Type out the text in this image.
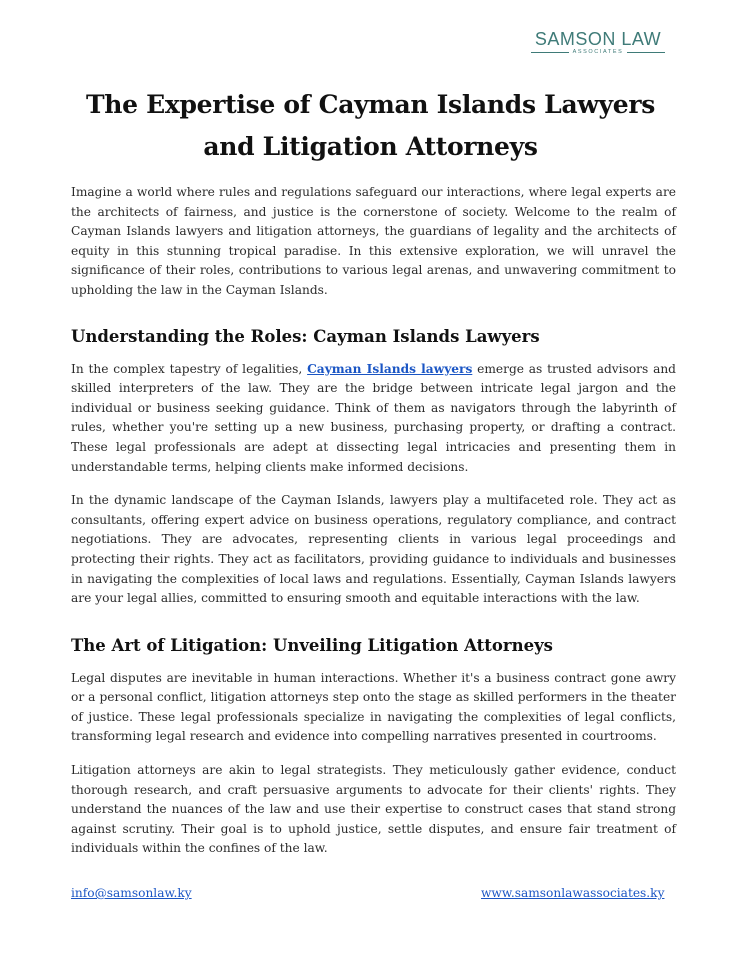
SAMSON LAW
ASSOCIATES
The Expertise of Cayman Islands Lawyers and Litigation Attorneys

Imagine a world where rules and regulations safeguard our interactions, where legal experts are the architects of fairness, and justice is the cornerstone of society. Welcome to the realm of Cayman Islands lawyers and litigation attorneys, the guardians of legality and the architects of equity in this stunning tropical paradise. In this extensive exploration, we will unravel the significance of their roles, contributions to various legal arenas, and unwavering commitment to upholding the law in the Cayman Islands.

Understanding the Roles: Cayman Islands Lawyers

In the complex tapestry of legalities, Cayman Islands lawyers emerge as trusted advisors and skilled interpreters of the law. They are the bridge between intricate legal jargon and the individual or business seeking guidance. Think of them as navigators through the labyrinth of rules, whether you're setting up a new business, purchasing property, or drafting a contract. These legal professionals are adept at dissecting legal intricacies and presenting them in understandable terms, helping clients make informed decisions.

In the dynamic landscape of the Cayman Islands, lawyers play a multifaceted role. They act as consultants, offering expert advice on business operations, regulatory compliance, and contract negotiations. They are advocates, representing clients in various legal proceedings and protecting their rights. They act as facilitators, providing guidance to individuals and businesses in navigating the complexities of local laws and regulations. Essentially, Cayman Islands lawyers are your legal allies, committed to ensuring smooth and equitable interactions with the law.

The Art of Litigation: Unveiling Litigation Attorneys

Legal disputes are inevitable in human interactions. Whether it's a business contract gone awry or a personal conflict, litigation attorneys step onto the stage as skilled performers in the theater of justice. These legal professionals specialize in navigating the complexities of legal conflicts, transforming legal research and evidence into compelling narratives presented in courtrooms.

Litigation attorneys are akin to legal strategists. They meticulously gather evidence, conduct thorough research, and craft persuasive arguments to advocate for their clients' rights. They understand the nuances of the law and use their expertise to construct cases that stand strong against scrutiny. Their goal is to uphold justice, settle disputes, and ensure fair treatment of individuals within the confines of the law.

info@samsonlaw.ky	www.samsonlawassociates.ky
